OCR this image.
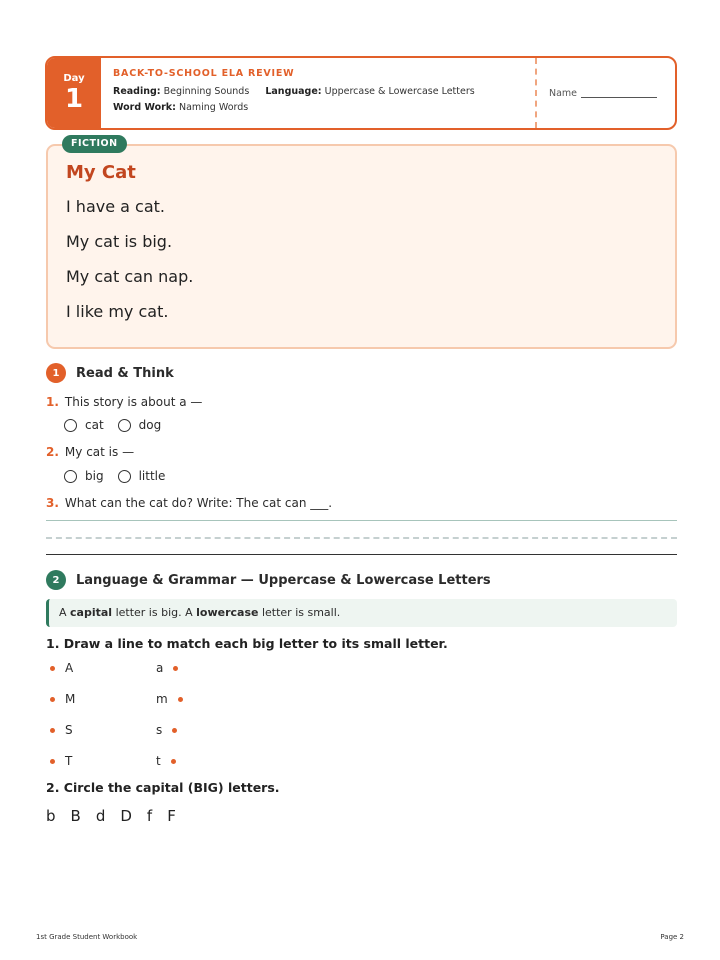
Day
1
BACK-TO-SCHOOL ELA REVIEW
Reading: Beginning Sounds Language: Uppercase & Lowercase Letters
Word Work: Naming Words
Name
FICTION
My Cat
I have a cat.
My cat is big.
My cat can nap.
I like my cat.
1	Read & Think
1. This story is about a —
cat	dog
2. My cat is —
big	little
3. What can the cat do? Write: The cat can ___.
2	Language & Grammar — Uppercase & Lowercase Letters
A capital letter is big. A lowercase letter is small.
1. Draw a line to match each big letter to its small letter.
A	a
M	m
S	s
T	t
2. Circle the capital (BIG) letters.
b B d D f F
1st Grade Student Workbook	Page 2
